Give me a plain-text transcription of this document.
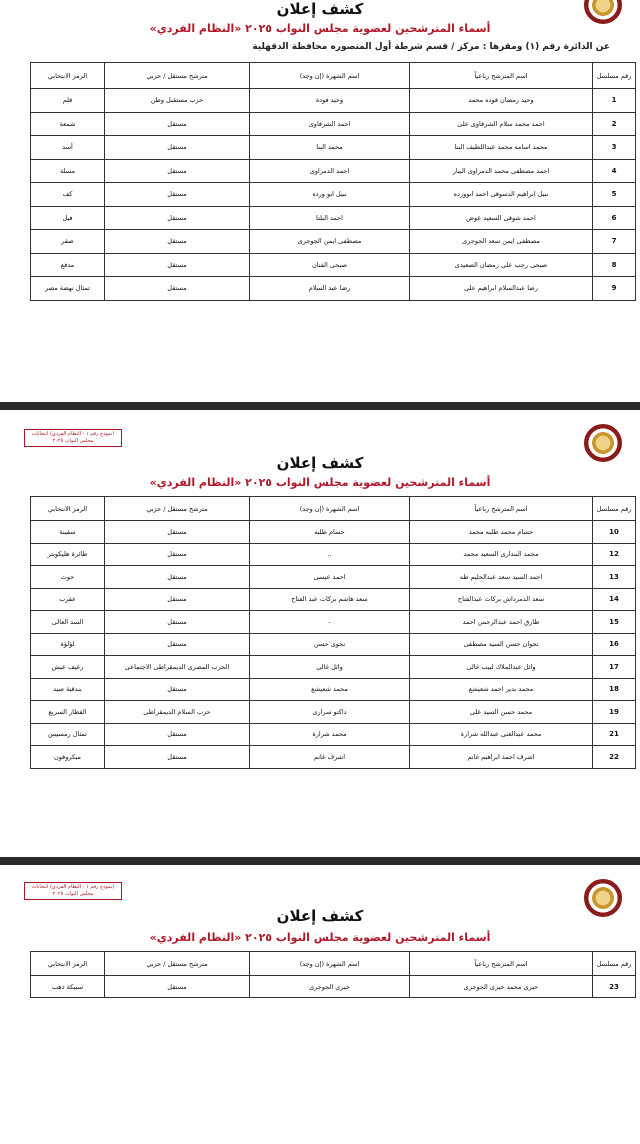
كشف إعلان
أسماء المترشحين لعضوية مجلس النواب ٢٠٢٥ «النظام الفردي»
عن الدائرة رقم (١) ومقرها : مركز / قسم شرطة أول المنصوره محافظة الدقهلية
رقم مسلسل	اسم المترشح رباعياً	اسم الشهرة (إن وجد)	مترشح مستقل / حزبي	الرمز الانتخابي
1	وحيد رمضان فوده محمد	وحيد فودة	حزب مستقبل وطن	قلم
2	احمد محمد سلام الشرقاوى على	احمد الشرقاوى	مستقل	شمعة
3	محمد اسامه محمد عبداللطيف البنا	محمد البنا	مستقل	أسد
4	احمد مصطفى محمد الدمراوى البيار	احمد الدمراوى	مستقل	مسلة
5	نبيل ابراهيم الدسوقى احمد ابوورده	نبيل ابو ورده	مستقل	كف
6	احمد شوقى السعيد عوض	احمد البلتا	مستقل	فيل
7	مصطفى ايمن سعد الجوجرى	مصطفى ايمن الجوجرى	مستقل	صقر
8	صبحى رجب على رمضان الصعيدى	صبحى الفنان	مستقل	مدفع
9	رضا عبدالسلام ابراهيم على	رضا عبد السلام	مستقل	تمثال نهضة مصر
(نموذج رقم ١ - النظام الفردي) انتخابات مجلس النواب ٢٠٢٥
كشف إعلان
أسماء المترشحين لعضوية مجلس النواب ٢٠٢٥ «النظام الفردي»
رقم مسلسل	اسم المترشح رباعياً	اسم الشهرة (إن وجد)	مترشح مستقل / حزبي	الرمز الانتخابي
10	حسام محمد طلبه محمد	حسام طلبه	مستقل	سفينة
12	محمد البندارى السعيد محمد	..	مستقل	طائرة هليكوبتر
13	احمد السيد سعد عبدالحليم طه	احمد عيسى	مستقل	حوت
14	سعد الدمرداش بركات عبدالفتاح	سعد هاشم بركات عبد الفتاح	مستقل	عقرب
15	طارق احمد عبدالرحمن احمد	-	مستقل	السد العالى
16	نجوان حسن السيد مصطفى	نجوى حسن	مستقل	لؤلؤة
17	وائل عبدالملاك لبيب غالى	وائل غالى	الحزب المصرى الديمقراطى الاجتماعى	رغيف عيش
18	محمد بدير احمد شعيشع	محمد شعيشع	مستقل	بندقية صيد
19	محمد حسن السيد على	داكتو سرارى	حزب السلام الديمقراطى	القطار السريع
21	محمد عبدالغنى عبدالله شرارة	محمد شرارة	مستقل	تمثال رمسيس
22	اشرف احمد ابراهيم غانم	اشرف غانم	مستقل	ميكروفون
(نموذج رقم ١ - النظام الفردي) انتخابات مجلس النواب ٢٠٢٥
كشف إعلان
أسماء المترشحين لعضوية مجلس النواب ٢٠٢٥ «النظام الفردي»
رقم مسلسل	اسم المترشح رباعياً	اسم الشهرة (إن وجد)	مترشح مستقل / حزبي	الرمز الانتخابي
23	خيرى محمد خيرى الجوجرى	خيرى الجوجرى	مستقل	سبيكة ذهب
